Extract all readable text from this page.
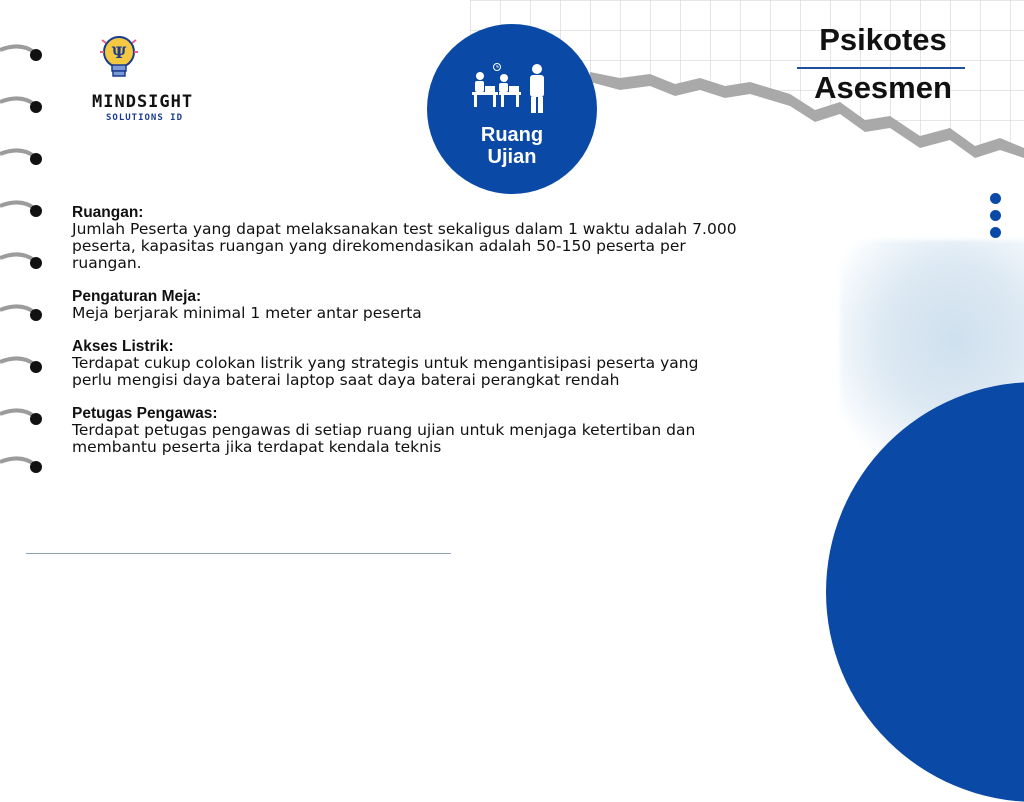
Ψ
MINDSIGHT
SOLUTIONS ID
Ruang
Ujian
Psikotes
Asesmen
Ruangan:
Jumlah Peserta yang dapat melaksanakan test sekaligus dalam 1 waktu adalah 7.000
peserta, kapasitas ruangan yang direkomendasikan adalah 50-150 peserta per
ruangan.
Pengaturan Meja:
Meja berjarak minimal 1 meter antar peserta
Akses Listrik:
Terdapat cukup colokan listrik yang strategis untuk mengantisipasi peserta yang
perlu mengisi daya baterai laptop saat daya baterai perangkat rendah
Petugas Pengawas:
Terdapat petugas pengawas di setiap ruang ujian untuk menjaga ketertiban dan
membantu peserta jika terdapat kendala teknis
